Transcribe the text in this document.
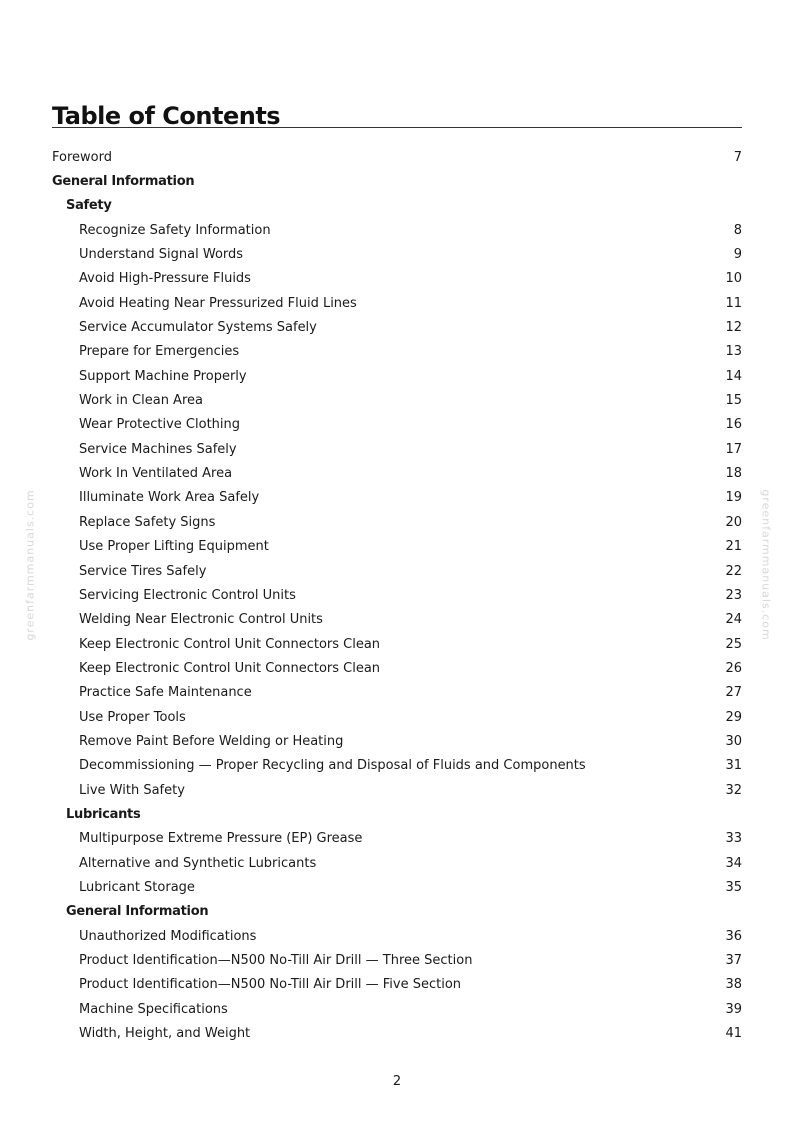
greenfarmmanuals.com	greenfarmmanuals.com
Table of Contents
Foreword	7
General Information
Safety
Recognize Safety Information	8
Understand Signal Words	9
Avoid High-Pressure Fluids	10
Avoid Heating Near Pressurized Fluid Lines	11
Service Accumulator Systems Safely	12
Prepare for Emergencies	13
Support Machine Properly	14
Work in Clean Area	15
Wear Protective Clothing	16
Service Machines Safely	17
Work In Ventilated Area	18
Illuminate Work Area Safely	19
Replace Safety Signs	20
Use Proper Lifting Equipment	21
Service Tires Safely	22
Servicing Electronic Control Units	23
Welding Near Electronic Control Units	24
Keep Electronic Control Unit Connectors Clean	25
Keep Electronic Control Unit Connectors Clean	26
Practice Safe Maintenance	27
Use Proper Tools	29
Remove Paint Before Welding or Heating	30
Decommissioning — Proper Recycling and Disposal of Fluids and Components	31
Live With Safety	32
Lubricants
Multipurpose Extreme Pressure (EP) Grease	33
Alternative and Synthetic Lubricants	34
Lubricant Storage	35
General Information
Unauthorized Modifications	36
Product Identification—N500 No-Till Air Drill — Three Section	37
Product Identification—N500 No-Till Air Drill — Five Section	38
Machine Specifications	39
Width, Height, and Weight	41
2
